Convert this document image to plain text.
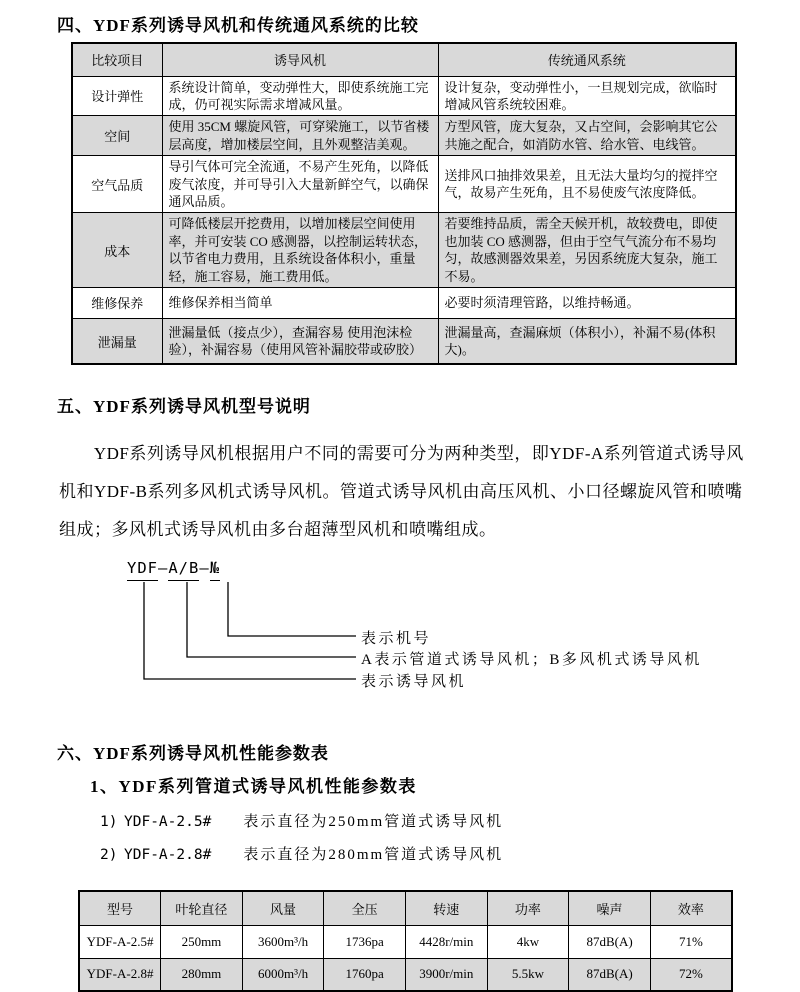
四、YDF系列诱导风机和传统通风系统的比较
比较项目	诱导风机	传统通风系统
设计弹性	系统设计简单，变动弹性大，即使系统施工完成，仍可视实际需求增减风量。	设计复杂，变动弹性小，一旦规划完成，欲临时增减风管系统较困难。
空间	使用 35CM 螺旋风管，可穿梁施工，以节省楼层高度，增加楼层空间，且外观整洁美观。	方型风管，庞大复杂，又占空间，会影响其它公共施之配合，如消防水管、给水管、电线管。
空气品质	导引气体可完全流通，不易产生死角，以降低废气浓度，并可导引入大量新鲜空气，以确保通风品质。	送排风口抽排效果差，且无法大量均匀的搅拌空气，故易产生死角，且不易使废气浓度降低。
成本	可降低楼层开挖费用，以增加楼层空间使用率，并可安装 CO 感测器，以控制运转状态，以节省电力费用，且系统设备体积小，重量轻，施工容易，施工费用低。	若要维持品质，需全天候开机，故较费电，即使也加装 CO 感测器，但由于空气气流分布不易均匀，故感测器效果差，另因系统庞大复杂，施工不易。
维修保养	维修保养相当简单	必要时须清理管路，以维持畅通。
泄漏量	泄漏量低（接点少），查漏容易 使用泡沫检验），补漏容易（使用风管补漏胶带或矽胶）	泄漏量高，查漏麻烦（体积小），补漏不易(体积大)。
五、YDF系列诱导风机型号说明

YDF系列诱导风机根据用户不同的需要可分为两种类型，即YDF-A系列管道式诱导风机和YDF-B系列多风机式诱导风机。管道式诱导风机由高压风机、小口径螺旋风管和喷嘴组成；多风机式诱导风机由多台超薄型风机和喷嘴组成。

YDF—A/B—№
表示机号
A表示管道式诱导风机；B多风机式诱导风机
表示诱导风机
六、YDF系列诱导风机性能参数表
1、YDF系列管道式诱导风机性能参数表
1) YDF-A-2.5# 表示直径为250mm管道式诱导风机
2) YDF-A-2.8# 表示直径为280mm管道式诱导风机
型号	叶轮直径	风量	全压	转速	功率	噪声	效率
YDF-A-2.5#	250mm	3600m³/h	1736pa	4428r/min	4kw	87dB(A)	71%
YDF-A-2.8#	280mm	6000m³/h	1760pa	3900r/min	5.5kw	87dB(A)	72%
